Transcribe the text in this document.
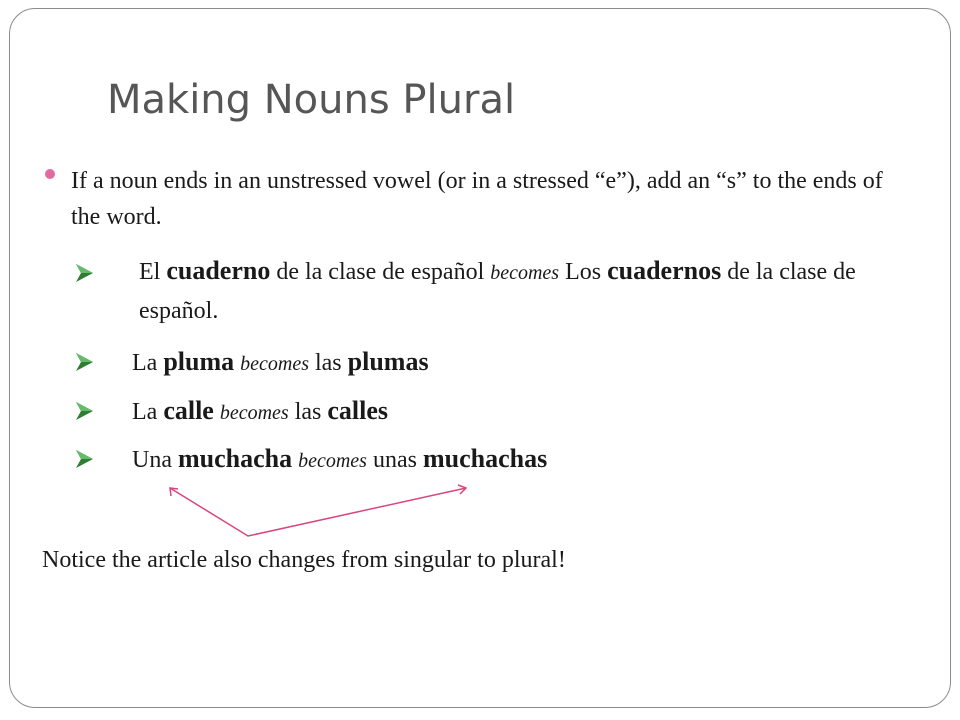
Making Nouns Plural
If a noun ends in an unstressed vowel (or in a stressed “e”), add an “s” to the ends of the word.
El cuaderno de la clase de español becomes Los cuadernos de la clase de español.
La pluma becomes las plumas
La calle becomes las calles
Una muchacha becomes unas muchachas
Notice the article also changes from singular to plural!
